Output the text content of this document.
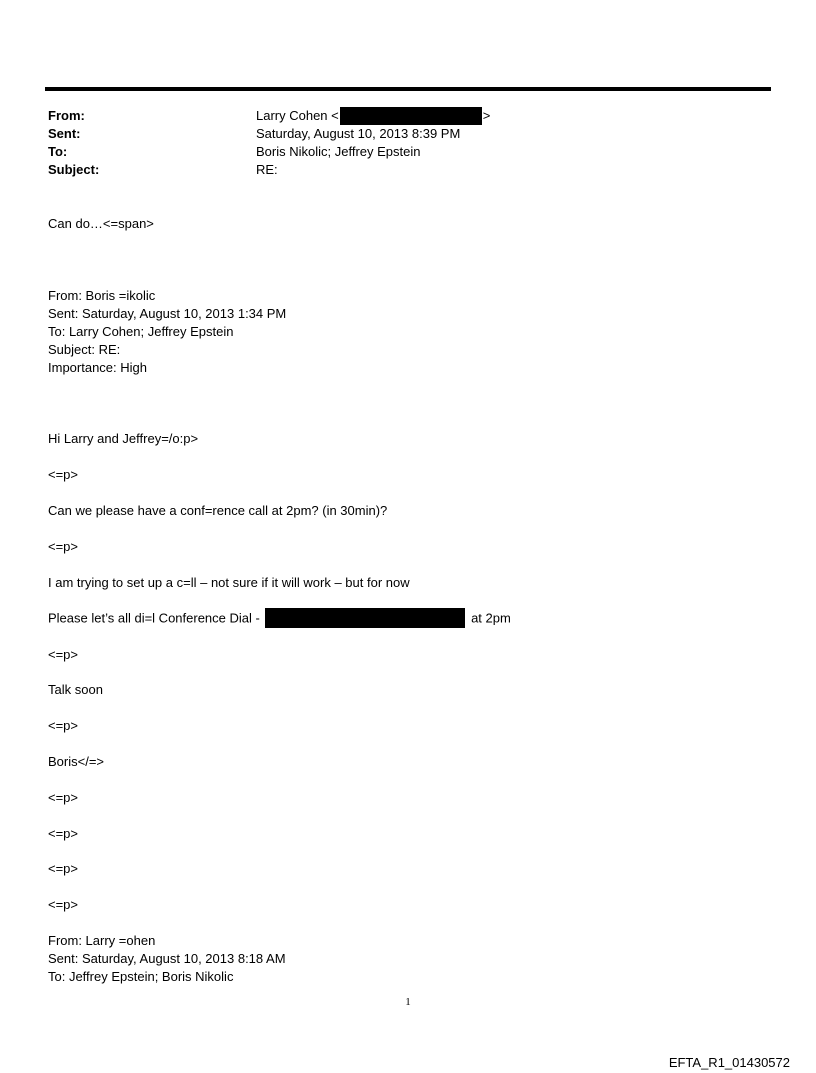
From:	Larry Cohen <	>
Sent:	Saturday, August 10, 2013 8:39 PM
To:	Boris Nikolic; Jeffrey Epstein
Subject:	RE:
Can do…<=span>
From: Boris =ikolic
Sent: Saturday, August 10, 2013 1:34 PM
To: Larry Cohen; Jeffrey Epstein
Subject: RE:
Importance: High
Hi Larry and Jeffrey=/o:p>
<=p>
Can we please have a conf=rence call at 2pm? (in 30min)?
<=p>
I am trying to set up a c=ll – not sure if it will work – but for now
Please let’s all di=l Conference Dial -	at 2pm
<=p>
Talk soon
<=p>
Boris</=>
<=p>
<=p>
<=p>
<=p>
From: Larry =ohen
Sent: Saturday, August 10, 2013 8:18 AM
To: Jeffrey Epstein; Boris Nikolic
1
EFTA_R1_01430572
